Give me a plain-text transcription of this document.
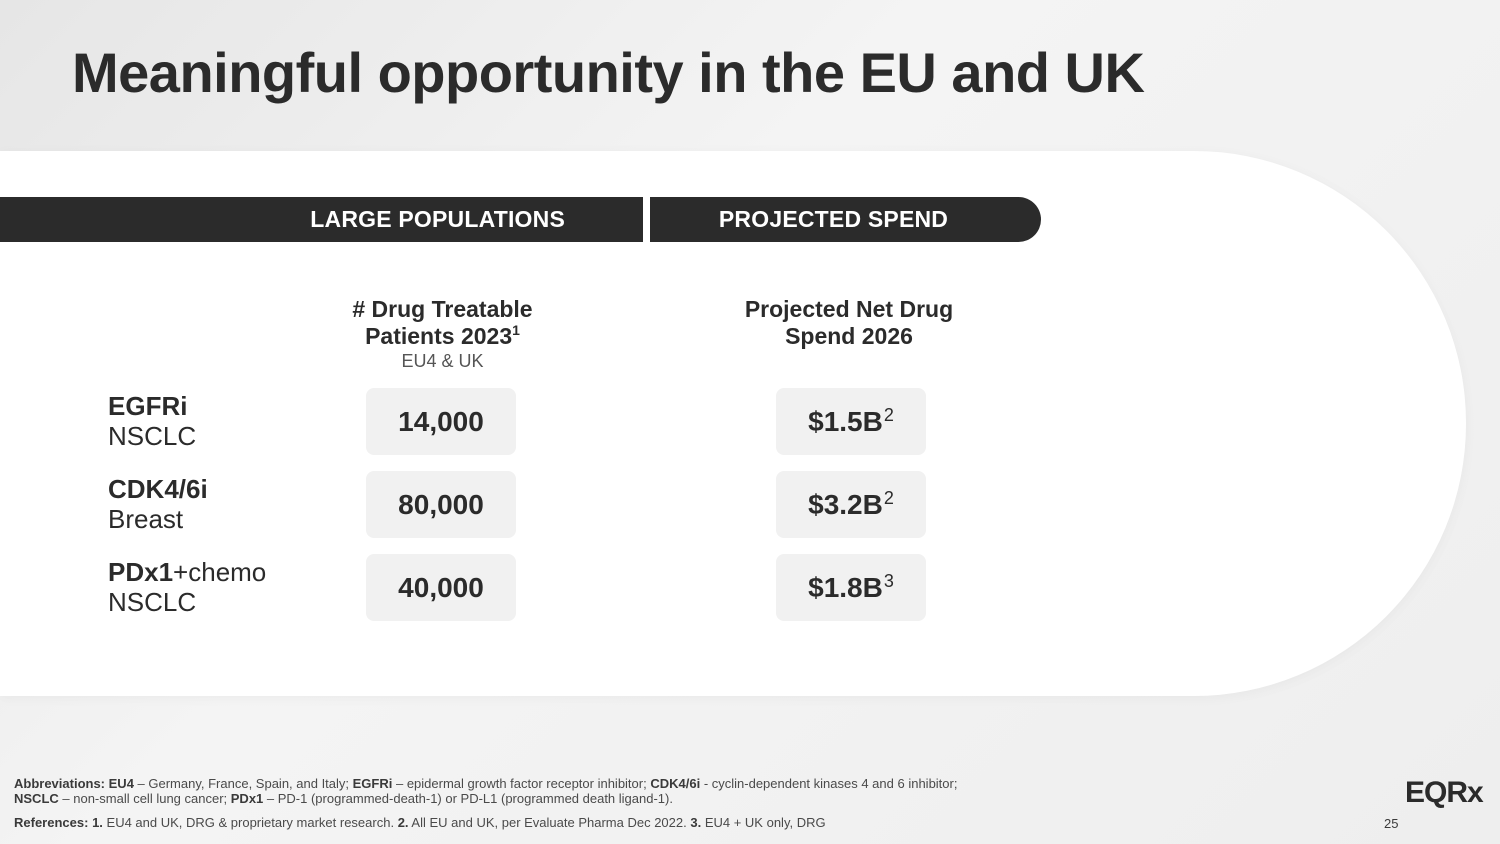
Meaningful opportunity in the EU and UK
LARGE POPULATIONS	PROJECTED SPEND
# Drug Treatable
Patients 2023$^1$
EU4 & UK
Projected Net Drug
Spend 2026
EGFRi
NSCLC	14,000	$\$1.5B^2$
CDK4/6i
Breast	80,000	$\$3.2B^2$
PDx1+chemo
NSCLC	40,000	$\$1.8B^3$
Abbreviations: EU4 – Germany, France, Spain, and Italy; EGFRi – epidermal growth factor receptor inhibitor; CDK4/6i - cyclin-dependent kinases 4 and 6 inhibitor; NSCLC – non-small cell lung cancer; PDx1 – PD-1 (programmed-death-1) or PD-L1 (programmed death ligand-1).
References: 1. EU4 and UK, DRG & proprietary market research. 2. All EU and UK, per Evaluate Pharma Dec 2022. 3. EU4 + UK only, DRG
EQRx
25
